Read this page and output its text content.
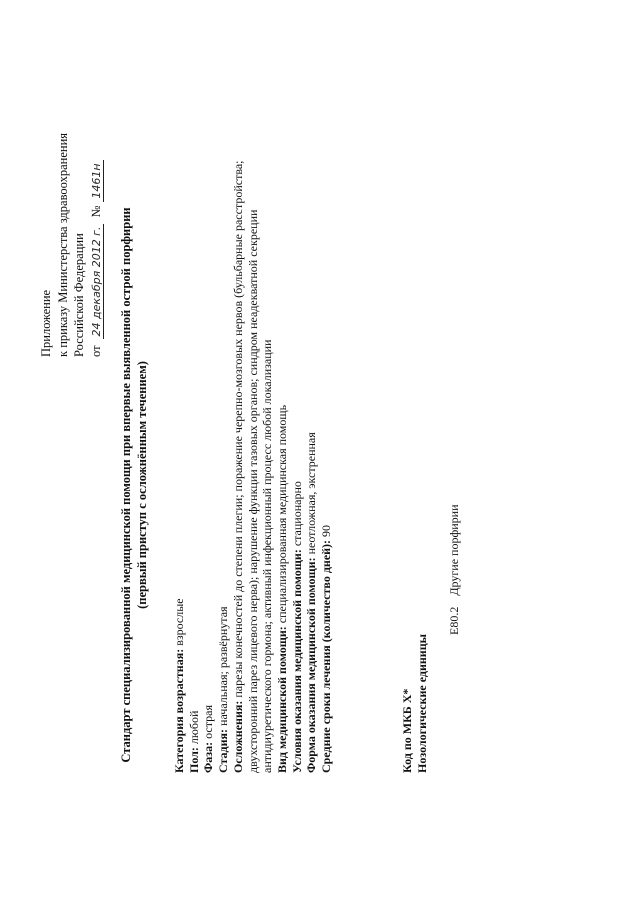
Приложение к приказу Министерства здравоохранения Российской Федерации от24 декабря 2012 г.№1461н
Стандарт специализированной медицинской помощи при впервые выявленной острой порфирии (первый приступ с осложнённым течением)
Категория возрастная: взрослые
Пол: любой
Фаза: острая
Стадия: начальная; развёрнутая
Осложнения: парезы конечностей до степени плегии; поражение черепно-мозговых нервов (бульбарные расстройства; двухсторонний парез лицевого нерва); нарушение функции тазовых органов; синдром неадекватной секреции антидиуретического гормона; активный инфекционный процесс любой локализации Вид медицинской помощи: специализированная медицинская помощь
Условия оказания медицинской помощи: стационарно
Форма оказания медицинской помощи: неотложная, экстренная
Средние сроки лечения (количество дней): 90
Код по МКБ X* Нозологические единицы
E80.2 Другие порфирии
